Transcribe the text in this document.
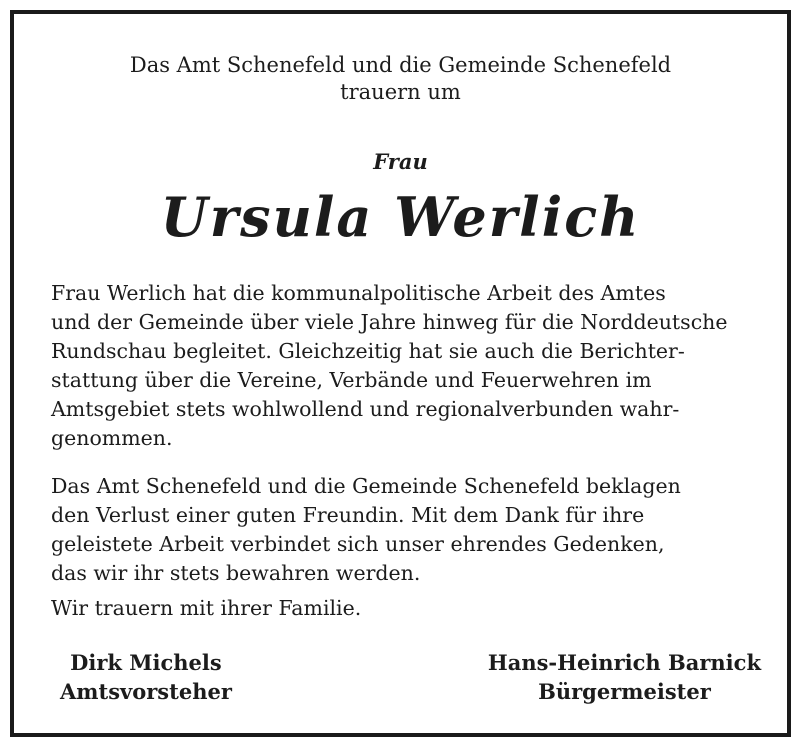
Das Amt Schenefeld und die Gemeinde Schenefeld
trauern um
Frau
Ursula Werlich

Frau Werlich hat die kommunalpolitische Arbeit des Amtes
und der Gemeinde über viele Jahre hinweg für die Norddeutsche
Rundschau begleitet. Gleichzeitig hat sie auch die Berichter-
stattung über die Vereine, Verbände und Feuerwehren im
Amtsgebiet stets wohlwollend und regionalverbunden wahr-
genommen.

Das Amt Schenefeld und die Gemeinde Schenefeld beklagen
den Verlust einer guten Freundin. Mit dem Dank für ihre
geleistete Arbeit verbindet sich unser ehrendes Gedenken,
das wir ihr stets bewahren werden.

Wir trauern mit ihrer Familie.

Dirk Michels
Amtsvorsteher
Hans-Heinrich Barnick
Bürgermeister
